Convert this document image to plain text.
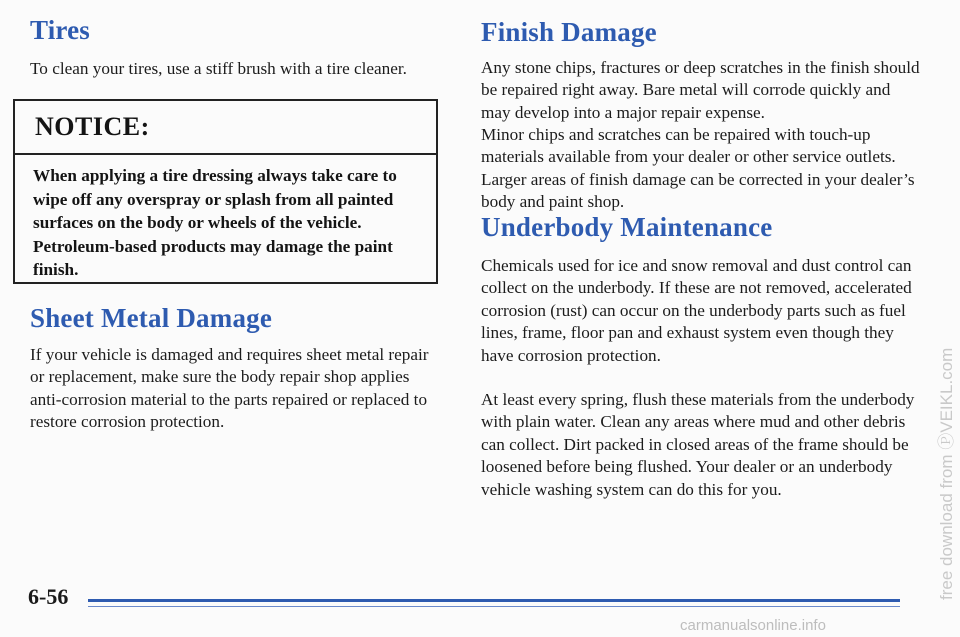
Tires

To clean your tires, use a stiff brush with a tire cleaner.

NOTICE:
When applying a tire dressing always take care to wipe off any overspray or splash from all painted surfaces on the body or wheels of the vehicle. Petroleum-based products may damage the paint finish.
Sheet Metal Damage

If your vehicle is damaged and requires sheet metal repair or replacement, make sure the body repair shop applies anti-corrosion material to the parts repaired or replaced to restore corrosion protection.

Finish Damage

Any stone chips, fractures or deep scratches in the finish should be repaired right away. Bare metal will corrode quickly and may develop into a major repair expense.

Minor chips and scratches can be repaired with touch-up materials available from your dealer or other service outlets. Larger areas of finish damage can be corrected in your dealer’s body and paint shop.

Underbody Maintenance

Chemicals used for ice and snow removal and dust control can collect on the underbody. If these are not removed, accelerated corrosion (rust) can occur on the underbody parts such as fuel lines, frame, floor pan and exhaust system even though they have corrosion protection.

At least every spring, flush these materials from the underbody with plain water. Clean any areas where mud and other debris can collect. Dirt packed in closed areas of the frame should be loosened before being flushed. Your dealer or an underbody vehicle washing system can do this for you.

6-56	free download from ⓅVEIKL.com
carmanualsonline.info
